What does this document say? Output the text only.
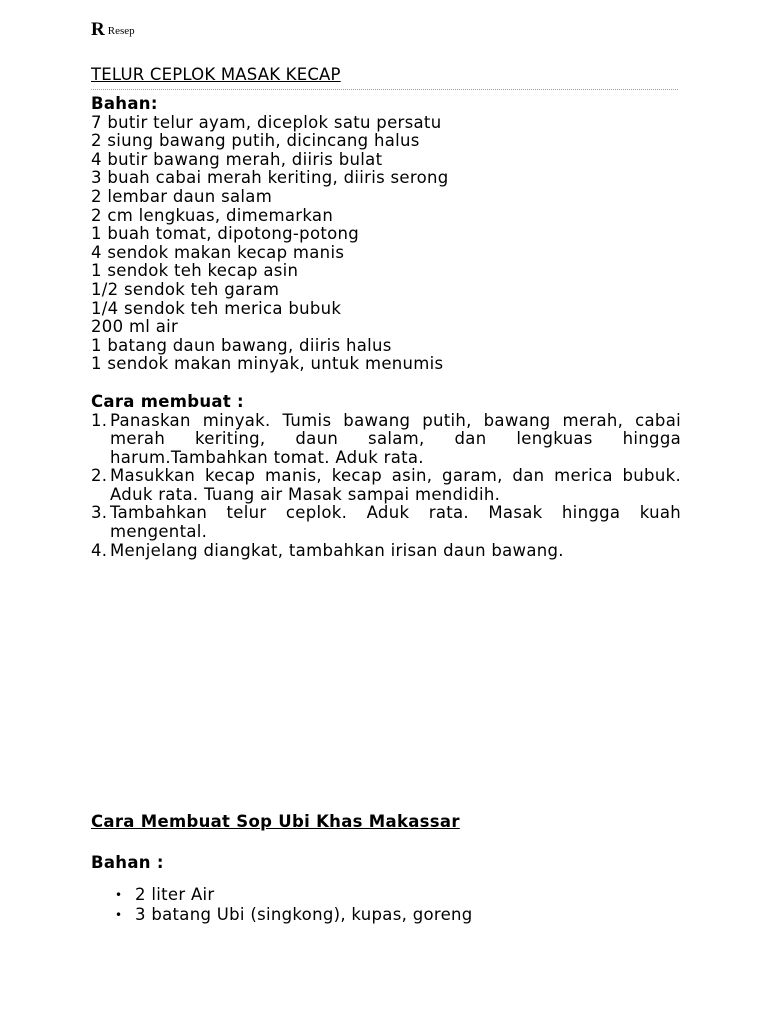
R Resep
TELUR CEPLOK MASAK KECAP
Bahan:
7 butir telur ayam, diceplok satu persatu
2 siung bawang putih, dicincang halus
4 butir bawang merah, diiris bulat
3 buah cabai merah keriting, diiris serong
2 lembar daun salam
2 cm lengkuas, dimemarkan
1 buah tomat, dipotong-potong
4 sendok makan kecap manis
1 sendok teh kecap asin
1/2 sendok teh garam
1/4 sendok teh merica bubuk
200 ml air
1 batang daun bawang, diiris halus
1 sendok makan minyak, untuk menumis
Cara membuat :
1. Panaskan minyak. Tumis bawang putih, bawang merah, cabai merah keriting, daun salam, dan lengkuas hingga harum.Tambahkan tomat. Aduk rata.
2. Masukkan kecap manis, kecap asin, garam, dan merica bubuk. Aduk rata. Tuang air Masak sampai mendidih.
3. Tambahkan telur ceplok. Aduk rata. Masak hingga kuah mengental.
4. Menjelang diangkat, tambahkan irisan daun bawang.
Cara Membuat Sop Ubi Khas Makassar
Bahan :
• 2 liter Air
• 3 batang Ubi (singkong), kupas, goreng
